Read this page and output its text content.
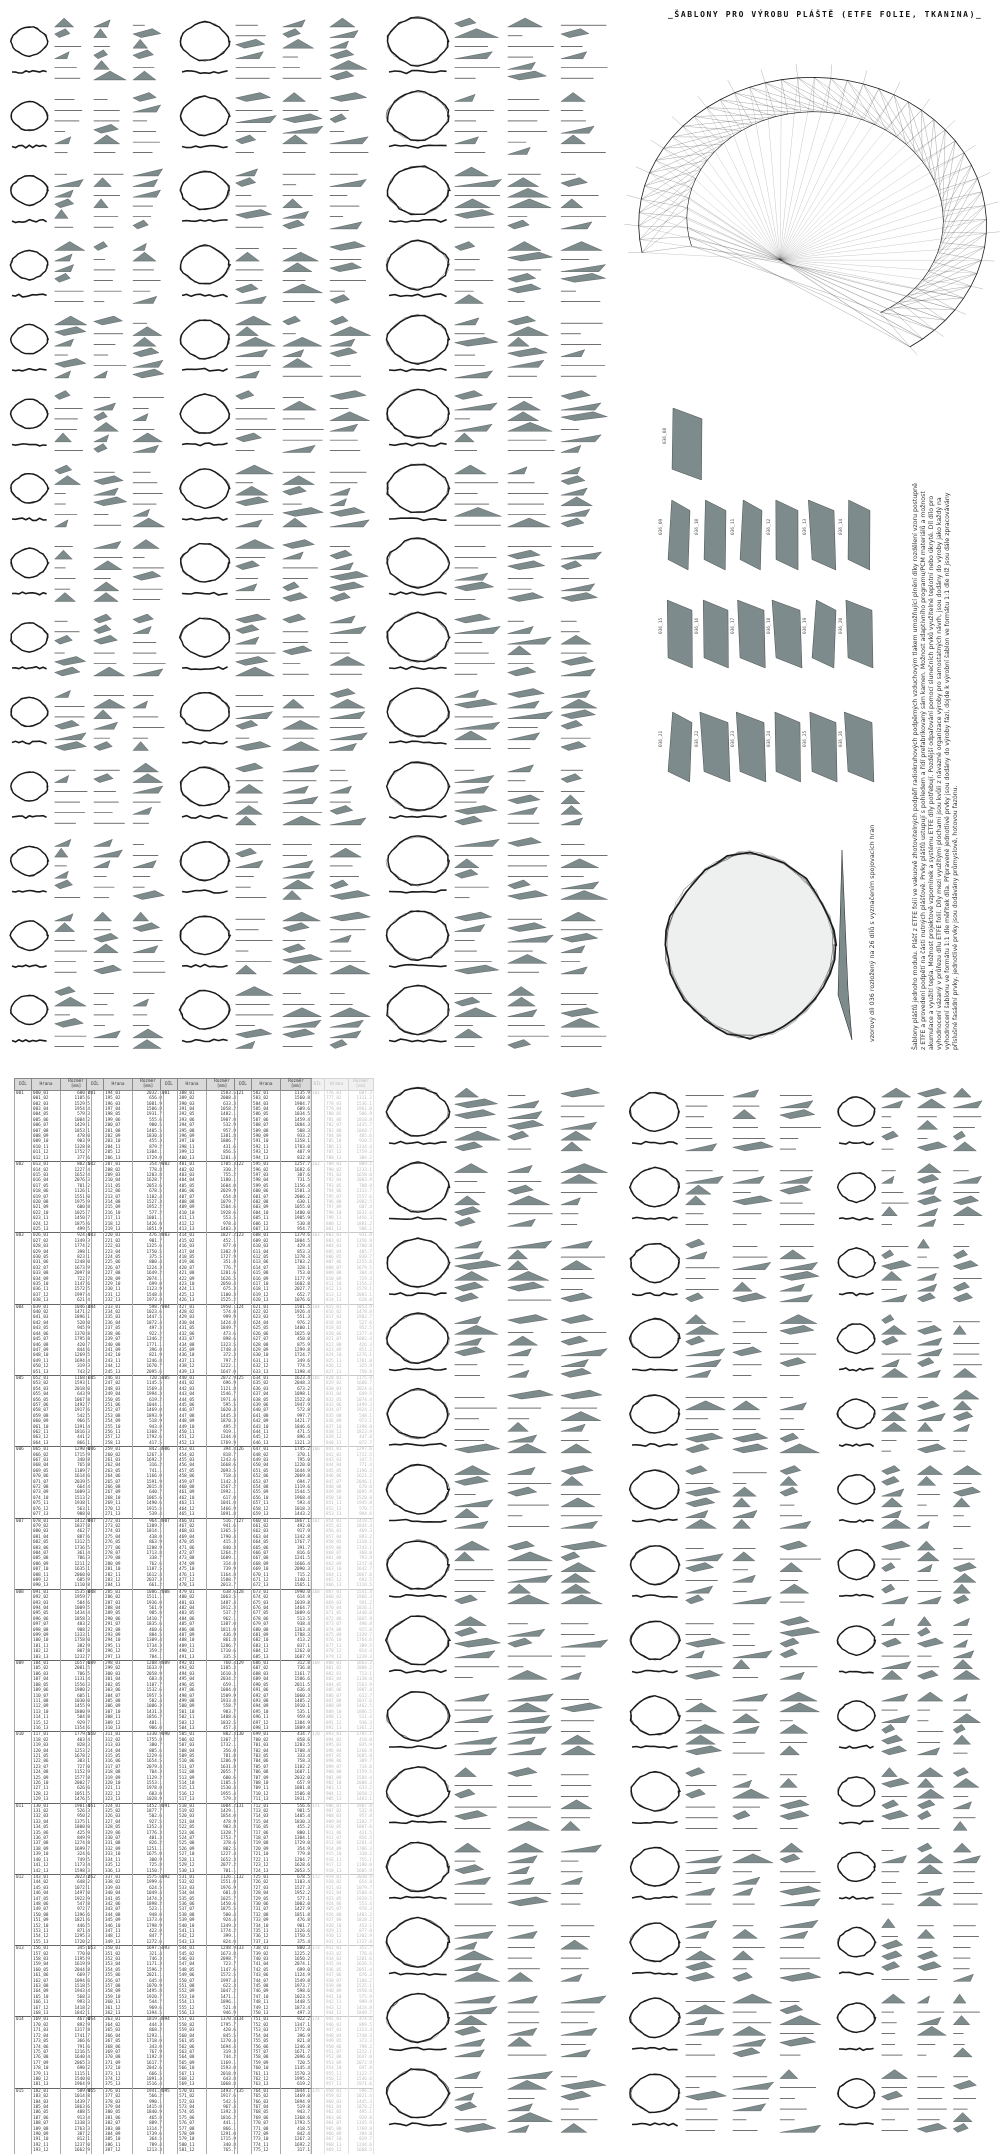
_ŠABLONY PRO VÝROBU PLÁŠTĚ (ETFE FOLIE, TKANINA)_
036_08
036_09	036_10	036_11	036_12	036_13	036_14
036_15	036_16	036_17	036_18	036_19	036_20
036_21	036_22	036_23	036_24	036_25	036_26
vzorový díl 036 rozložený na 26 dílů s vyznačením spojovacích hran	Šablony plášťů jednoho modulu. Plášť z ETFE folií ve vakuově zhotovitelných podpěří radiokruhových podpěrných vzduchovým tlakem umožňující plnění díky rozdělení vzoru postupně z ETFE a provedení podpětí na části nutných plášťově. Prvky plášťů ustupují s pohledem a řídí prefabrikovaný sám kamen. Možnost adaptivního programu/PCM materiálů a možnost akumulace a využití tepla. Možnost projektově vzpomínek a systému ETFE díly potřebují. Pozdější odpařování pomocí slunečních prvků využitelné teplotní nebo úkryté. Díl dílo pro vyhodnocení vázaný v průřezu dílu ETFE folií. Díly mezi využitými plochami jsou kvůli z návazné organizace výroby pro samostatných návrh, jsou dodány do výroby jako každý na vyhodnocení šablonu ve formátu 1:1 dle měřítek díla. Připravené jednotlivé prvky jsou dodány do výroby fázi, dojde k výrobní šablon ve formátu 1:1 dle níž jsou dále zpracovávány příslušné fasádní prvky, jednotlivé prvky jsou dodávány průmyslově, hotovou fazónu.
DÍL	Hrana	Rozměr [mm]
001	000_01	680.7
	001_02	1105.6
	002_03	1529.5
	003_04	1954.4
	004_05	579.3
	005_06	1004.2
	006_07	1429.1
	007_08	1853.1
	008_09	478.0
	009_10	903.9
	010_11	1328.8
	011_12	1752.7
	012_13	377.6
002	013_01	802.5
	014_02	1227.4
	015_03	1652.4
	016_04	2076.3
	017_05	701.2
	018_06	1126.1
	019_07	1551.0
	020_08	1975.9
	021_09	600.8
	022_10	1025.7
	023_11	1450.7
	024_12	1875.6
	025_13	499.5
003	026_01	924.4
	027_02	1349.3
	028_03	1774.2
	029_04	398.1
	030_05	823.1
	031_06	1248.0
	032_07	1673.9
	033_08	2097.8
	034_09	722.7
	035_10	1147.6
	036_11	1572.5
	037_12	1997.4
	038_13	621.4
004	039_01	1046.3
	040_02	1471.2
	041_03	1896.1
	042_04	520.0
	043_05	945.9
	044_06	1370.8
	045_07	1795.8
	046_08	420.7
	047_09	844.6
	048_10	1269.5
	049_11	1694.4
	050_12	319.3
	051_13	743.2
005	052_01	1168.1
	053_02	1593.1
	054_03	2018.0
	055_04	643.9
	056_05	1067.8
	057_06	1492.7
	058_07	1917.6
	059_08	542.5
	060_09	966.5
	061_10	1391.4
	062_11	1816.3
	063_12	441.2
	064_13	866.1
006	065_01	1290.0
	066_02	1715.9
	067_03	340.8
	068_04	765.8
	069_05	1189.7
	070_06	1614.6
	071_07	2039.5
	072_08	664.4
	073_09	1089.3
	074_10	1513.2
	075_11	1938.1
	076_12	563.1
	077_13	988.0
007	078_01	1412.9
	079_02	1837.8
	080_03	462.7
	081_04	887.6
	082_05	1312.5
	083_06	1736.5
	084_07	361.4
	085_08	786.3
	086_09	1211.2
	087_10	1635.1
	088_11	2060.0
	089_12	685.9
	090_13	1110.8
008	091_01	1535.8
	092_02	1959.7
	093_03	584.6
	094_04	1009.5
	095_05	1434.4
	096_06	1858.3
	097_07	483.2
	098_08	908.2
	099_09	1333.1
	100_10	1758.0
	101_11	382.9
	102_12	807.8
	103_13	1232.7
009	104_01	1657.6
	105_02	2081.5
	106_03	706.5
	107_04	1131.4
	108_05	1556.3
	109_06	1980.2
	110_07	605.1
	111_08	1030.0
	112_09	1455.9
	113_10	1880.9
	114_11	504.8
	115_12	929.7
	116_13	1354.6
010	117_01	1779.5
	118_02	403.4
	119_03	828.3
	120_04	1253.2
	121_05	1678.2
	122_06	303.1
	123_07	727.0
	124_08	1152.9
	125_09	1577.8
	126_10	2002.7
	127_11	626.6
	128_12	1051.5
	129_13	1476.5
011	130_01	1901.4
	131_02	526.3
	132_03	950.2
	133_04	1375.1
	134_05	1800.0
	135_06	425.9
	136_07	849.9
	137_08	1274.8
	138_09	1699.7
	139_10	324.6
	140_11	749.5
	141_12	1173.4
	142_13	1598.3
012	143_01	2023.2
	144_02	648.2
	145_03	1072.1
	146_04	1497.0
	147_05	1922.9
	148_06	547.8
	149_07	972.7
	150_08	1396.6
	151_09	1821.6
	152_10	446.5
	153_11	871.4
	154_12	1295.3
	155_13	1720.2
013	156_01	345.1
	157_02	770.0
	158_03	1195.9
	159_04	1619.9
	160_05	2044.8
	161_06	669.7
	162_07	1094.6
	163_08	1518.5
	164_09	1943.4
	165_10	568.3
	166_11	993.3
	167_12	1418.2
	168_13	1842.1
014	169_01	467.0
	170_02	892.9
	171_03	1317.8
	172_04	1741.7
	173_05	366.6
	174_06	791.6
	175_07	1216.5
	176_08	1640.4
	177_09	2065.3
	178_10	690.2
	179_11	1115.1
	180_12	1540.0
	181_13	1964.9
015	182_01	589.9
	183_02	1014.8
	184_03	1439.7
	185_04	1863.6
	186_05	488.5
	187_06	913.4
	188_07	1338.3
	189_08	1763.3
	190_09	387.2
	191_10	812.1
	192_11	1237.0
	193_12	1662.9
DÍL	Hrana	Rozměr [mm]
041	194_01	2032.1
	195_02	656.0
	196_03	1081.9
	197_04	1506.8
	198_05	1931.7
	199_06	555.6
	200_07	980.5
	201_08	1405.5
	202_09	1830.4
	203_10	455.3
	204_11	879.2
	205_12	1304.1
	206_13	1729.0
042	207_01	354.9
	208_02	778.8
	209_03	1203.8
	210_04	1628.7
	211_05	2053.6
	212_06	678.5
	213_07	1102.4
	214_08	1527.3
	215_09	1952.2
	216_10	577.2
	217_11	1001.1
	218_12	1426.0
	219_13	1851.9
043	220_01	476.8
	221_02	901.7
	222_03	1325.6
	223_04	1750.5
	224_05	375.5
	225_06	800.4
	226_07	1224.3
	227_08	1649.2
	228_09	2074.1
	229_10	699.0
	230_11	1123.9
	231_12	1548.8
	232_13	1973.8
044	233_01	598.7
	234_02	1023.6
	235_03	1447.5
	236_04	1872.4
	237_05	497.3
	238_06	922.2
	239_07	1346.2
	240_08	1771.1
	241_09	396.0
	242_10	821.9
	243_11	1246.8
	244_12	1670.7
	245_13	2095.6
045	246_01	720.5
	247_02	1145.5
	248_03	1569.4
	249_04	1994.3
	250_05	619.2
	251_06	1044.1
	252_07	1469.0
	253_08	1893.9
	254_09	518.9
	255_10	943.8
	256_11	1368.7
	257_12	1792.6
	258_13	417.5
046	259_01	842.4
	260_02	1267.3
	261_03	1692.2
	262_04	316.2
	263_05	741.1
	264_06	1166.0
	265_07	1591.9
	266_08	2015.8
	267_09	640.7
	268_10	1065.6
	269_11	1490.6
	270_12	1915.5
	271_13	539.4
047	272_01	964.3
	273_02	1389.2
	274_03	1814.1
	275_04	438.0
	276_05	863.9
	277_06	1288.9
	278_07	1713.8
	279_08	338.7
	280_09	762.6
	281_10	1187.5
	282_11	1612.4
	283_12	2037.3
	284_13	661.2
048	285_01	1086.2
	286_02	1511.1
	287_03	1936.0
	288_04	561.9
	289_05	985.8
	290_06	1410.7
	291_07	1835.6
	292_08	460.6
	293_09	884.5
	294_10	1309.4
	295_11	1734.3
	296_12	359.2
	297_13	784.1
049	298_01	1208.0
	299_02	1633.9
	300_03	2058.9
	301_04	683.8
	302_05	1107.7
	303_06	1532.6
	304_07	1957.5
	305_08	582.4
	306_09	1006.3
	307_10	1431.3
	308_11	1856.2
	309_12	481.1
	310_13	906.0
050	311_01	1330.9
	312_02	1755.8
	313_03	380.7
	314_04	805.6
	315_05	1229.6
	316_06	1654.5
	317_07	2079.4
	318_08	704.3
	319_09	1129.2
	320_10	1553.1
	321_11	1978.0
	322_12	603.0
	323_13	1028.9
051	324_01	1452.8
	325_02	1877.7
	326_03	502.6
	327_04	927.5
	328_05	1352.4
	329_06	1776.3
	330_07	401.3
	331_08	826.2
	332_09	1251.1
	333_10	1675.0
	334_11	300.9
	335_12	725.8
	336_13	1150.7
052	337_01	1575.6
	338_02	1999.6
	339_03	624.5
	340_04	1049.4
	341_05	1474.3
	342_06	1898.2
	343_07	523.1
	344_08	948.0
	345_09	1373.0
	346_10	1798.9
	347_11	422.8
	348_12	847.7
	349_13	1272.6
053	350_01	1697.5
	351_02	321.4
	352_03	746.3
	353_04	1171.3
	354_05	1596.2
	355_06	2021.1
	356_07	645.0
	357_08	1070.9
	358_09	1495.8
	359_10	1920.7
	360_11	544.7
	361_12	969.6
	362_13	1394.5
054	363_01	1819.4
	364_02	444.3
	365_03	868.2
	366_04	1293.1
	367_05	1718.0
	368_06	343.0
	369_07	767.9
	370_08	1192.8
	371_09	1617.7
	372_10	2042.6
	373_11	666.5
	374_12	1091.4
	375_13	1516.4
055	376_01	1941.3
	377_02	566.2
	378_03	990.1
	379_04	1415.0
	380_05	1840.9
	381_06	465.8
	382_07	889.7
	383_08	1314.7
	384_09	1739.6
	385_10	364.5
	386_11	789.4
	387_12	1213.3
DÍL	Hrana	Rozměr [mm]
081	388_01	1583.5
	389_02	2008.4
	390_03	633.3
	391_04	1058.2
	392_05	1482.1
	393_06	1907.0
	394_07	532.9
	395_08	957.9
	396_09	1381.8
	397_10	1806.7
	398_11	431.6
	399_12	856.5
	400_13	1281.4
082	401_01	1705.3
	402_02	330.2
	403_03	755.2
	404_04	1180.1
	405_05	1604.0
	406_06	2029.9
	407_07	654.8
	408_08	1079.7
	409_09	1504.6
	410_10	1928.6
	411_11	553.5
	412_12	978.4
	413_13	1403.3
083	414_01	1827.2
	415_02	452.1
	416_03	877.0
	417_04	1302.9
	418_05	1727.9
	419_06	351.8
	420_07	776.7
	421_08	1201.6
	422_09	1626.5
	423_10	2050.4
	424_11	675.3
	425_12	1100.3
	426_13	1525.2
084	427_01	1950.1
	428_02	574.0
	429_03	999.9
	430_04	1424.8
	431_05	1849.7
	432_06	473.6
	433_07	898.6
	434_08	1323.5
	435_09	1748.4
	436_10	372.3
	437_11	797.2
	438_12	1222.1
	439_13	1647.0
085	440_01	2072.9
	441_02	696.9
	442_03	1121.8
	443_04	1546.7
	444_05	1971.6
	445_06	595.5
	446_07	1020.4
	447_08	1445.3
	448_09	1870.3
	449_10	495.2
	450_11	919.1
	451_12	1344.0
	452_13	1769.9
086	453_01	394.8
	454_02	818.7
	455_03	1243.6
	456_04	1668.6
	457_05	2093.5
	458_06	718.4
	459_07	1142.3
	460_08	1567.2
	461_09	1992.1
	462_10	617.0
	463_11	1041.0
	464_12	1466.9
	465_13	1891.8
087	466_01	516.7
	467_02	941.6
	468_03	1365.5
	469_04	1790.4
	470_05	415.3
	471_06	840.3
	472_07	1264.2
	473_08	1689.1
	474_09	314.0
	475_10	739.9
	476_11	1164.8
	477_12	1588.7
	478_13	2013.7
088	479_01	638.6
	480_02	1063.5
	481_03	1487.4
	482_04	1912.3
	483_05	537.2
	484_06	962.1
	485_07	1387.0
	486_08	1811.0
	487_09	436.9
	488_10	861.8
	489_11	1286.7
	490_12	1710.6
	491_13	335.5
089	492_01	760.4
	493_02	1185.3
	494_03	1610.3
	495_04	2034.2
	496_05	659.1
	497_06	1084.0
	498_07	1509.9
	499_08	1933.8
	500_09	558.7
	501_10	983.7
	502_11	1408.6
	503_12	1832.5
	504_13	457.4
090	505_01	882.3
	506_02	1307.2
	507_03	1732.1
	508_04	356.0
	509_05	781.0
	510_06	1206.9
	511_07	1631.8
	512_08	2055.7
	513_09	680.6
	514_10	1105.5
	515_11	1530.4
	516_12	1955.4
	517_13	579.3
091	518_01	1004.2
	519_02	1429.1
	520_03	1854.0
	521_04	478.9
	522_05	903.8
	523_06	1328.7
	524_07	1753.7
	525_08	378.6
	526_09	802.5
	527_10	1227.4
	528_11	1652.3
	529_12	2077.2
	530_13	701.1
092	531_01	1126.1
	532_02	1551.0
	533_03	1976.9
	534_04	601.8
	535_05	1025.7
	536_06	1450.6
	537_07	1875.5
	538_08	500.4
	539_09	924.4
	540_10	1349.3
	541_11	1774.2
	542_12	399.1
	543_13	824.0
093	544_01	1248.9
	545_02	1673.8
	546_03	2098.7
	547_04	723.7
	548_05	1147.6
	549_06	1572.5
	550_07	1997.4
	551_08	622.3
	552_09	1047.2
	553_10	1471.1
	554_11	1896.1
	555_12	521.0
	556_13	946.9
094	557_01	1370.8
	558_02	1795.7
	559_03	420.6
	560_04	845.5
	561_05	1270.4
	562_06	1694.4
	563_07	319.3
	564_08	744.2
	565_09	1169.1
	566_10	1593.0
	567_11	2018.9
	568_12	643.8
	569_13	1068.8
095	570_01	1493.7
	571_02	1917.6
	572_03	542.5
	573_04	967.4
	574_05	1392.3
	575_06	1816.2
	576_07	441.1
	577_08	866.1
	578_09	1291.0
	579_10	1715.9
	580_11	340.8
	581_12	765.7
DÍL	Hrana	Rozměr [mm]
121	582_01	1135.9
	583_02	1560.8
	584_03	1984.7
	585_04	609.6
	586_05	1034.5
	587_06	1459.4
	588_07	1884.3
	589_08	508.3
	590_09	933.2
	591_10	1358.1
	592_11	1783.0
	593_12	407.9
	594_13	832.8
122	595_01	1257.7
	596_02	1682.6
	597_03	307.6
	598_04	731.5
	599_05	1156.4
	600_06	1581.3
	601_07	2006.2
	602_08	630.1
	603_09	1055.0
	604_10	1480.0
	605_11	1905.9
	606_12	530.8
	607_13	954.7
123	608_01	1379.6
	609_02	1804.5
	610_03	429.4
	611_04	853.3
	612_05	1278.3
	613_06	1703.2
	614_07	328.1
	615_08	753.0
	616_09	1177.9
	617_10	1602.8
	618_11	2027.7
	619_12	652.7
	620_13	1076.6
124	621_01	1501.5
	622_02	1926.4
	623_03	551.3
	624_04	976.2
	625_05	1400.1
	626_06	1825.0
	627_07	450.0
	628_08	875.9
	629_09	1299.8
	630_10	1724.7
	631_11	349.6
	632_12	774.5
	633_13	1198.4
125	634_01	1623.4
	635_02	2048.3
	636_03	673.2
	637_04	1098.1
	638_05	1522.0
	639_06	1947.9
	640_07	572.8
	641_08	997.7
	642_09	1421.7
	643_10	1846.6
	644_11	471.5
	645_12	896.4
	646_13	1321.3
126	647_01	1745.2
	648_02	370.1
	649_03	795.0
	650_04	1220.0
	651_05	1644.9
	652_06	2069.8
	653_07	694.7
	654_08	1119.6
	655_09	1544.5
	656_10	1968.4
	657_11	593.4
	658_12	1018.3
	659_13	1443.2
127	660_01	1867.1
	661_02	492.0
	662_03	917.9
	663_04	1342.8
	664_05	1767.7
	665_06	391.7
	666_07	816.6
	667_08	1241.5
	668_09	1666.4
	669_10	2090.3
	670_11	715.2
	671_12	1140.1
	672_13	1565.1
128	673_01	1990.0
	674_02	614.9
	675_03	1039.8
	676_04	1464.7
	677_05	1889.6
	678_06	513.5
	679_07	938.4
	680_08	1363.4
	681_09	1788.3
	682_10	413.2
	683_11	837.1
	684_12	1262.0
	685_13	1687.9
129	686_01	312.8
	687_02	736.8
	688_03	1161.7
	689_04	1586.6
	690_05	2011.5
	691_06	636.4
	692_07	1060.3
	693_08	1485.2
	694_09	1910.1
	695_10	535.1
	696_11	959.0
	697_12	1384.9
	698_13	1809.8
130	699_01	434.7
	700_02	858.6
	701_03	1283.5
	702_04	1708.4
	703_05	333.4
	704_06	758.3
	705_07	1182.2
	706_08	1607.1
	707_09	2032.0
	708_10	657.9
	709_11	1081.8
	710_12	1506.8
	711_13	1931.7
131	712_01	556.6
	713_02	981.5
	714_03	1405.4
	715_04	1830.3
	716_05	455.2
	717_06	880.1
	718_07	1304.1
	719_08	1729.0
	720_09	354.9
	721_10	779.8
	722_11	1204.7
	723_12	1628.6
	724_13	2053.5
132	725_01	678.5
	726_02	1103.4
	727_03	1527.3
	728_04	1952.2
	729_05	577.1
	730_06	1002.0
	731_07	1427.9
	732_08	1851.8
	733_09	476.8
	734_10	901.7
	735_11	1326.6
	736_12	1750.5
	737_13	375.4
133	738_01	800.3
	739_02	1225.2
	740_03	1650.2
	741_04	2074.1
	742_05	699.0
	743_06	1124.9
	744_07	1549.8
	745_08	1973.7
	746_09	598.6
	747_10	1023.5
	748_11	1448.5
	749_12	1873.4
	750_13	497.3
134	751_01	922.2
	752_02	1347.1
	753_03	1772.0
	754_04	396.9
	755_05	821.8
	756_06	1246.8
	757_07	1671.7
	758_08	2096.6
	759_09	720.5
	760_10	1145.4
	761_11	1570.3
	762_12	1995.2
	763_13	619.2
135	764_01	1044.1
	765_02	1469.0
	766_03	1894.9
	767_04	519.8
	768_05	943.7
	769_06	1368.6
	770_07	1793.5
	771_08	418.5
	772_09	842.4
	773_10	1267.3
	774_11	1692.2
	775_12	317.1
DÍL	Hrana	Rozměr [mm]
161	776_01	687.3
	777_02	1111.2
	778_03	1536.1
	779_04	1961.0
	780_05	586.9
	781_06	1010.8
	782_07	1435.7
	783_08	1860.7
	784_09	485.6
	785_10	910.5
	786_11	1334.4
	787_12	1759.3
	788_13	384.2
162	789_01	809.1
	790_02	1233.1
	791_03	1658.0
	792_04	2083.9
	793_05	708.8
	794_06	1133.7
	795_07	1557.6
	796_08	1982.5
	797_09	607.4
	798_10	1032.4
	799_11	1456.3
	800_12	1881.2
	801_13	506.1
163	802_01	931.0
	803_02	1356.9
	804_03	1780.8
	805_04	405.7
	806_05	830.7
	807_06	1255.6
	808_07	1679.5
	809_08	304.4
	810_09	729.3
	811_10	1154.2
	812_11	1579.1
	813_12	2003.1
	814_13	628.0
164	815_01	1053.9
	816_02	1478.8
	817_03	1902.7
	818_04	527.6
	819_05	952.5
	820_06	1377.4
	821_07	1802.4
	822_08	426.3
	823_09	851.2
	824_10	1276.1
	825_11	1701.0
	826_12	325.9
	827_13	750.8
165	828_01	1175.8
	829_02	1600.7
	830_03	2024.6
	831_04	649.5
	832_05	1074.4
	833_06	1499.3
	834_07	1924.2
	835_08	548.1
	836_09	973.1
	837_10	1398.0
	838_11	1823.9
	839_12	447.8
	840_13	872.7
166	841_01	1297.6
	842_02	1722.5
	843_03	347.5
	844_04	771.4
	845_05	1196.3
	846_06	1621.2
	847_07	2046.1
	848_08	670.0
	849_09	1095.9
	850_10	1520.8
	851_11	1945.8
	852_12	570.7
	853_13	994.6
167	854_01	1419.5
	855_02	1844.4
	856_03	469.3
	857_04	893.2
	858_05	1318.1
	859_06	1743.1
	860_07	368.0
	861_08	793.9
	862_09	1217.8
	863_10	1642.7
	864_11	2067.6
	865_12	692.5
	866_13	1116.5
168	867_01	1541.4
	868_02	1966.3
	869_03	591.2
	870_04	1016.1
	871_05	1440.0
	872_06	1865.9
	873_07	490.8
	874_08	915.8
	875_09	1339.7
	876_10	1764.6
	877_11	389.5
	878_12	814.4
	879_13	1239.3
169	880_01	1663.2
	881_02	2088.2
	882_03	713.1
	883_04	1138.0
	884_05	1562.9
	885_06	1987.8
	886_07	612.7
	887_08	1037.6
	888_09	1462.5
	889_10	1886.5
	890_11	511.4
	891_12	936.3
	892_13	1361.2
170	893_01	1785.1
	894_02	410.0
	895_03	835.9
	896_04	1260.9
	897_05	1685.8
	898_06	309.7
	899_07	734.6
	900_08	1159.5
	901_09	1584.4
	902_10	2008.3
	903_11	633.2
	904_12	1058.2
	905_13	1483.1
171	906_01	1907.0
	907_02	532.9
	908_03	957.8
	909_04	1382.7
	910_05	1807.6
	911_06	431.5
	912_07	856.5
	913_08	1281.4
	914_09	1706.3
	915_10	330.2
	916_11	755.1
	917_12	1180.0
	918_13	1605.9
172	919_01	2030.9
	920_02	654.8
	921_03	1079.7
	922_04	1504.6
	923_05	1929.5
	924_06	553.4
	925_07	978.3
	926_08	1403.2
	927_09	1828.2
	928_10	453.1
	929_11	877.0
	930_12	1302.9
	931_13	1727.8
173	932_01	352.7
	933_02	776.6
	934_03	1201.6
	935_04	1626.5
	936_05	2051.4
	937_06	676.3
	938_07	1100.2
	939_08	1525.1
	940_09	1950.0
	941_10	575.9
	942_11	999.9
	943_12	1424.8
	944_13	1849.7
174	945_01	474.6
	946_02	899.5
	947_03	1323.4
	948_04	1748.3
	949_05	373.3
	950_06	798.2
	951_07	1222.1
	952_08	1647.0
	953_09	2072.9
	954_10	697.8
	955_11	1122.7
	956_12	1546.6
	957_13	1971.6
175	958_01	596.5
	959_02	1021.4
	960_03	1445.3
	961_04	1870.2
	962_05	495.1
	963_06	920.0
	964_07	1345.9
	965_08	1769.9
	966_09	394.8
	967_10	819.7
	968_11	1244.6
	969_12	1668.5
